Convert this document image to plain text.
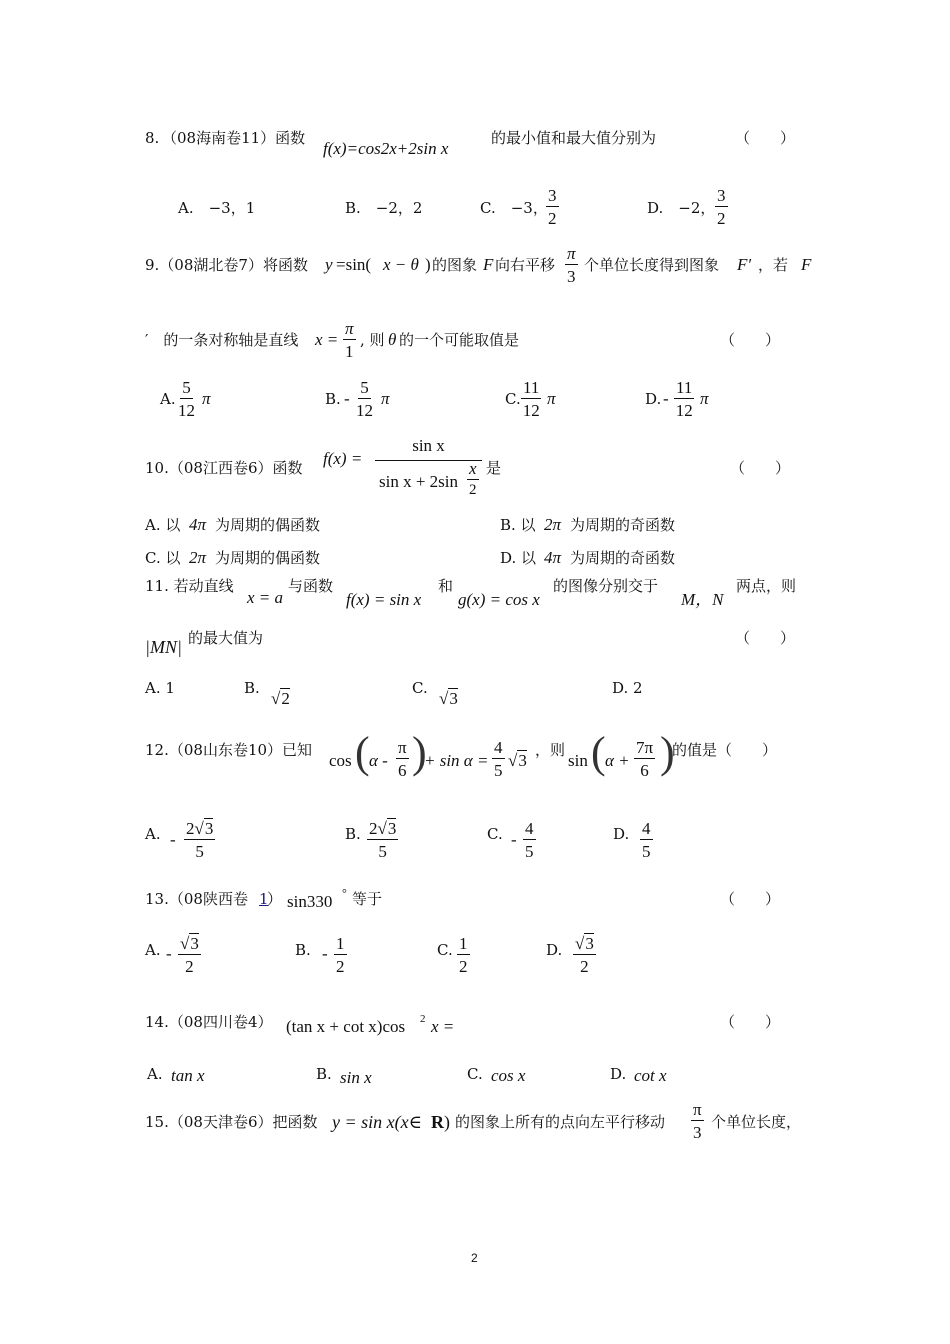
8. （08海南卷11）函数
f(x)=cos2x+2sin x
的最小值和最大值分别为	（　　）
A.　−3，1	B.　−2，2	C.　−3，
$\frac{3}{2}$	D.　−2， $\frac{3}{2}$
9.（08湖北卷7）将函数 y =sin( x − θ ) 的图象 F 向右平移 $\frac{\pi}{3}$ 个单位长度得到图象 F′ ，若 F
′　的一条对称轴是直线 $x = \frac{\pi}{1}$ , 则 θ 的一个可能取值是	（　　）
A. $\frac{5}{12}$ π	B. - $\frac{5}{12}$ π	C. $\frac{11}{12}$ π	D. - $\frac{11}{12}$ π
10.（08江西卷6）函数 f(x) =
sin x
$\sin x + 2\sin \frac{x}{2}$ 是	（　　）
A. 以 4π 为周期的偶函数	B. 以 2π 为周期的奇函数
C. 以 2π 为周期的偶函数	D. 以 4π 为周期的奇函数
11. 若动直线
x = a
与函数
f(x) = sin x
和
g(x) = cos x
的图像分别交于
M，N
两点，则
|MN| 的最大值为	（　　）
A. 1	B.
√2
C.
√3
D. 2
12.（08山东卷10）已知
cos ( α - $\frac{\pi}{6}$ )
+ $\sin \alpha = \frac{4}{5} √3$
，则
sin ( $\alpha + \frac{7\pi}{6}$ )
的值是（　　）
A. - $\frac{2√3}{5}$	B. $\frac{2√3}{5}$	C. - $\frac{4}{5}$	D. $\frac{4}{5}$
13.（08陕西卷 1
） sin330 ° 等于	（　　）
A. - $\frac{√3}{2}$	B. - $\frac{1}{2}$	C. $\frac{1}{2}$	D. $\frac{√3}{2}$
14.（08四川卷4） (tan x + cot x)cos 2 x =	（　　）
A. tan x	B. sin x	C. cos x	D. cot x
15.（08天津卷6）把函数 y = sin x(x∈ R ) 的图象上所有的点向左平行移动 $\frac{\pi}{3}$ 个单位长度，
2
